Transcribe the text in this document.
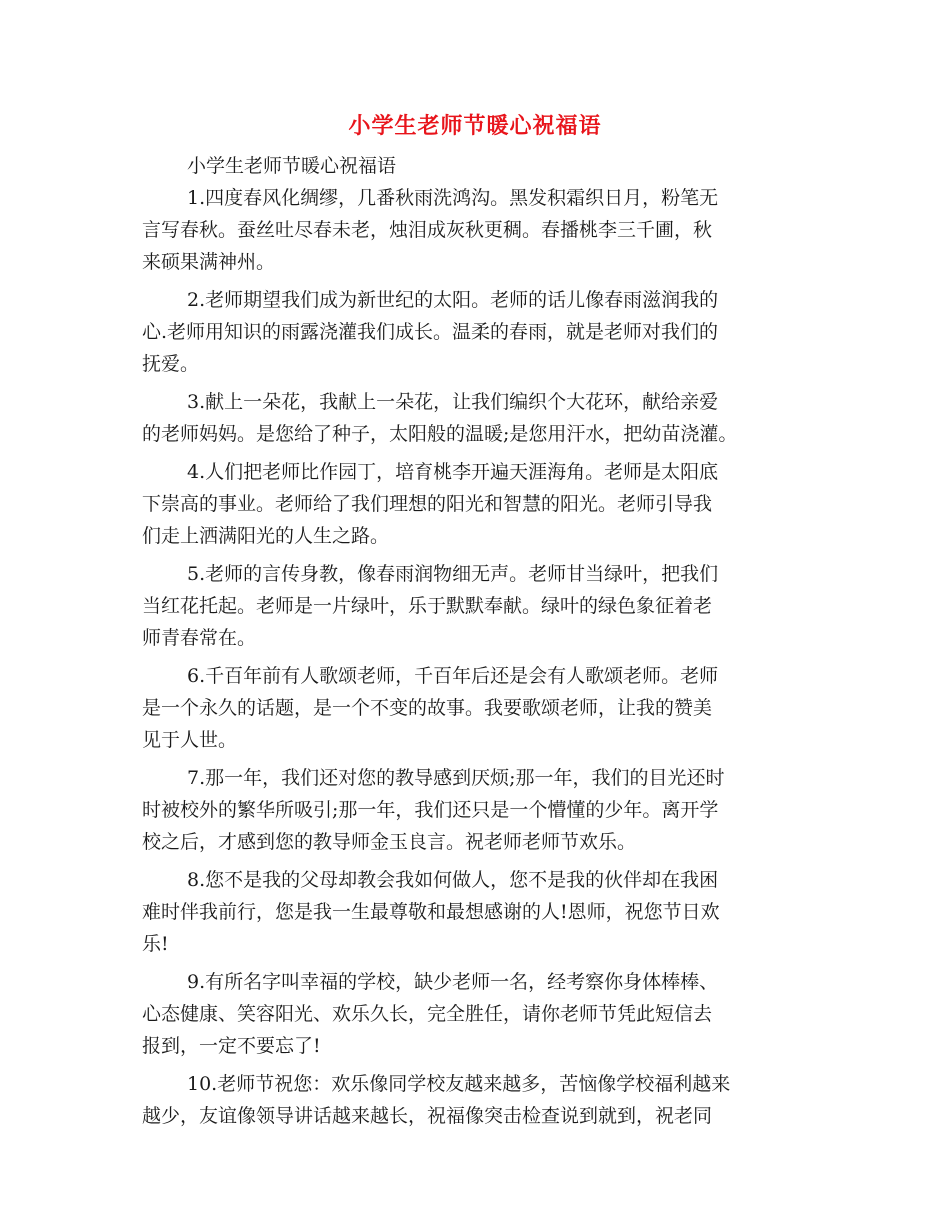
小学生老师节暖心祝福语

小学生老师节暖心祝福语

1.四度春风化绸缪，几番秋雨洗鸿沟。黑发积霜织日月，粉笔无
言写春秋。蚕丝吐尽春未老，烛泪成灰秋更稠。春播桃李三千圃，秋
来硕果满神州。
2.老师期望我们成为新世纪的太阳。老师的话儿像春雨滋润我的
心.老师用知识的雨露浇灌我们成长。温柔的春雨，就是老师对我们的
抚爱。
3.献上一朵花，我献上一朵花，让我们编织个大花环，献给亲爱
的老师妈妈。是您给了种子，太阳般的温暖;是您用汗水，把幼苗浇灌。
4.人们把老师比作园丁，培育桃李开遍天涯海角。老师是太阳底
下崇高的事业。老师给了我们理想的阳光和智慧的阳光。老师引导我
们走上洒满阳光的人生之路。
5.老师的言传身教，像春雨润物细无声。老师甘当绿叶，把我们
当红花托起。老师是一片绿叶，乐于默默奉献。绿叶的绿色象征着老
师青春常在。
6.千百年前有人歌颂老师，千百年后还是会有人歌颂老师。老师
是一个永久的话题，是一个不变的故事。我要歌颂老师，让我的赞美
见于人世。
7.那一年，我们还对您的教导感到厌烦;那一年，我们的目光还时
时被校外的繁华所吸引;那一年，我们还只是一个懵懂的少年。离开学
校之后，才感到您的教导师金玉良言。祝老师老师节欢乐。
8.您不是我的父母却教会我如何做人，您不是我的伙伴却在我困
难时伴我前行，您是我一生最尊敬和最想感谢的人!恩师，祝您节日欢
乐!
9.有所名字叫幸福的学校，缺少老师一名，经考察你身体棒棒、
心态健康、笑容阳光、欢乐久长，完全胜任，请你老师节凭此短信去
报到，一定不要忘了!
10.老师节祝您：欢乐像同学校友越来越多，苦恼像学校福利越来
越少，友谊像领导讲话越来越长，祝福像突击检查说到就到，祝老同
